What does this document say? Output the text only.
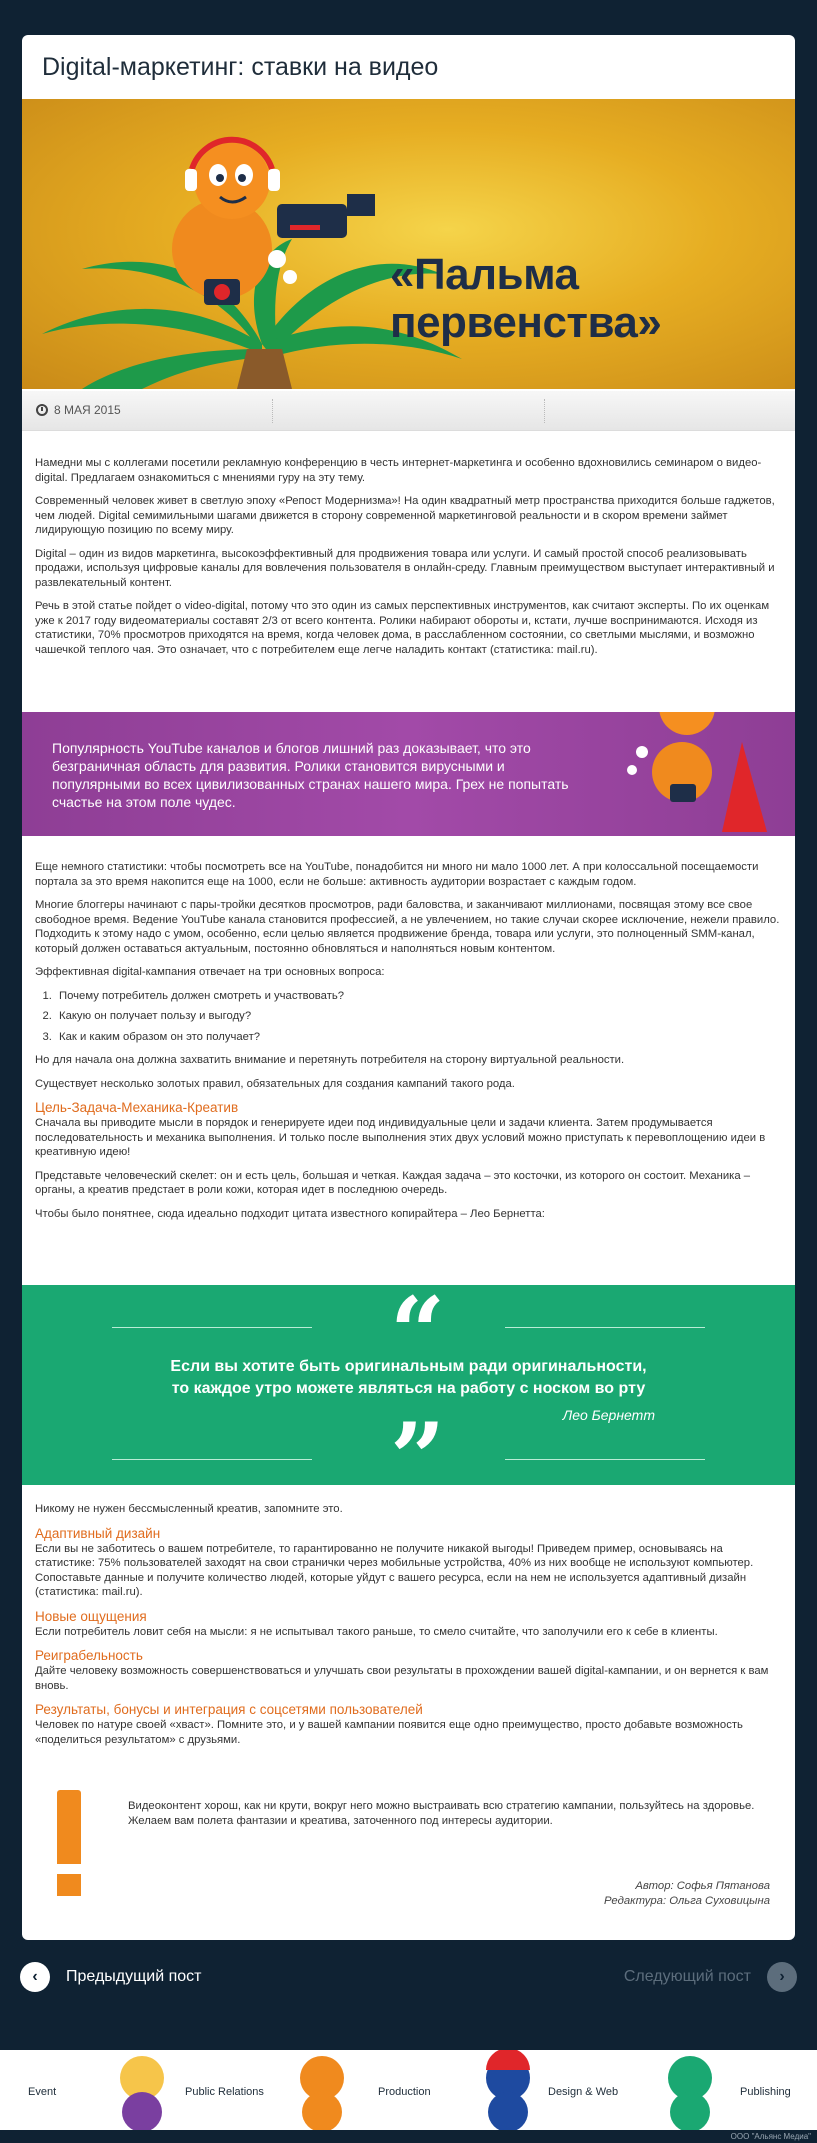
Digital-маркетинг: ставки на видео
«Пальма
первенства»
8 МАЯ 2015

Намедни мы с коллегами посетили рекламную конференцию в честь интернет-маркетинга и особенно вдохновились семинаром о видео-digital. Предлагаем ознакомиться с мнениями гуру на эту тему.

Современный человек живет в светлую эпоху «Репост Модернизма»! На один квадратный метр пространства приходится больше гаджетов, чем людей. Digital семимильными шагами движется в сторону современной маркетинговой реальности и в скором времени займет лидирующую позицию по всему миру.

Digital – один из видов маркетинга, высокоэффективный для продвижения товара или услуги. И самый простой способ реализовывать продажи, используя цифровые каналы для вовлечения пользователя в онлайн-среду. Главным преимуществом выступает интерактивный и развлекательный контент.

Речь в этой статье пойдет о video-digital, потому что это один из самых перспективных инструментов, как считают эксперты. По их оценкам уже к 2017 году видеоматериалы составят 2/3 от всего контента. Ролики набирают обороты и, кстати, лучше воспринимаются. Исходя из статистики, 70% просмотров приходятся на время, когда человек дома, в расслабленном состоянии, со светлыми мыслями, и возможно чашечкой теплого чая. Это означает, что с потребителем еще легче наладить контакт (статистика: mail.ru).

Популярность YouTube каналов и блогов лишний раз доказывает, что это безграничная область для развития. Ролики становится вирусными и популярными во всех цивилизованных странах нашего мира. Грех не попытать счастье на этом поле чудес.

Еще немного статистики: чтобы посмотреть все на YouTube, понадобится ни много ни мало 1000 лет. А при колоссальной посещаемости портала за это время накопится еще на 1000, если не больше: активность аудитории возрастает с каждым годом.

Многие блоггеры начинают с пары-тройки десятков просмотров, ради баловства, и заканчивают миллионами, посвящая этому все свое свободное время. Ведение YouTube канала становится профессией, а не увлечением, но такие случаи скорее исключение, нежели правило. Подходить к этому надо с умом, особенно, если целью является продвижение бренда, товара или услуги, это полноценный SMM-канал, который должен оставаться актуальным, постоянно обновляться и наполняться новым контентом.

Эффективная digital-кампания отвечает на три основных вопроса:

1. Почему потребитель должен смотреть и участвовать?
2. Какую он получает пользу и выгоду?
3. Как и каким образом он это получает?

Но для начала она должна захватить внимание и перетянуть потребителя на сторону виртуальной реальности.

Существует несколько золотых правил, обязательных для создания кампаний такого рода.

Цель-Задача-Механика-Креатив

Сначала вы приводите мысли в порядок и генерируете идеи под индивидуальные цели и задачи клиента. Затем продумывается последовательность и механика выполнения. И только после выполнения этих двух условий можно приступать к перевоплощению идеи в креативную идею!

Представьте человеческий скелет: он и есть цель, большая и четкая. Каждая задача – это косточки, из которого он состоит. Механика – органы, а креатив предстает в роли кожи, которая идет в последнюю очередь.

Чтобы было понятнее, сюда идеально подходит цитата известного копирайтера – Лео Бернетта:

“
Если вы хотите быть оригинальным ради оригинальности,
то каждое утро можете являться на работу с носком во рту
Лео Бернетт
”

Никому не нужен бессмысленный креатив, запомните это.

Адаптивный дизайн

Если вы не заботитесь о вашем потребителе, то гарантированно не получите никакой выгоды! Приведем пример, основываясь на статистике: 75% пользователей заходят на свои странички через мобильные устройства, 40% из них вообще не используют компьютер. Сопоставьте данные и получите количество людей, которые уйдут с вашего ресурса, если на нем не используется адаптивный дизайн (статистика: mail.ru).

Новые ощущения

Если потребитель ловит себя на мысли: я не испытывал такого раньше, то смело считайте, что заполучили его к себе в клиенты.

Реиграбельность

Дайте человеку возможность совершенствоваться и улучшать свои результаты в прохождении вашей digital-кампании, и он вернется к вам вновь.

Результаты, бонусы и интеграция с соцсетями пользователей

Человек по натуре своей «хваст». Помните это, и у вашей кампании появится еще одно преимущество, просто добавьте возможность «поделиться результатом» с друзьями.

Видеоконтент хорош, как ни крути, вокруг него можно выстраивать всю стратегию кампании, пользуйтесь на здоровье. Желаем вам полета фантазии и креатива, заточенного под интересы аудитории.
Автор: Софья Пятанова
Редактура: Ольга Суховицына
‹	Предыдущий пост	Следующий пост	›
Event	Public Relations	Production	Design & Web	Publishing
ООО "Альянс Медиа"
